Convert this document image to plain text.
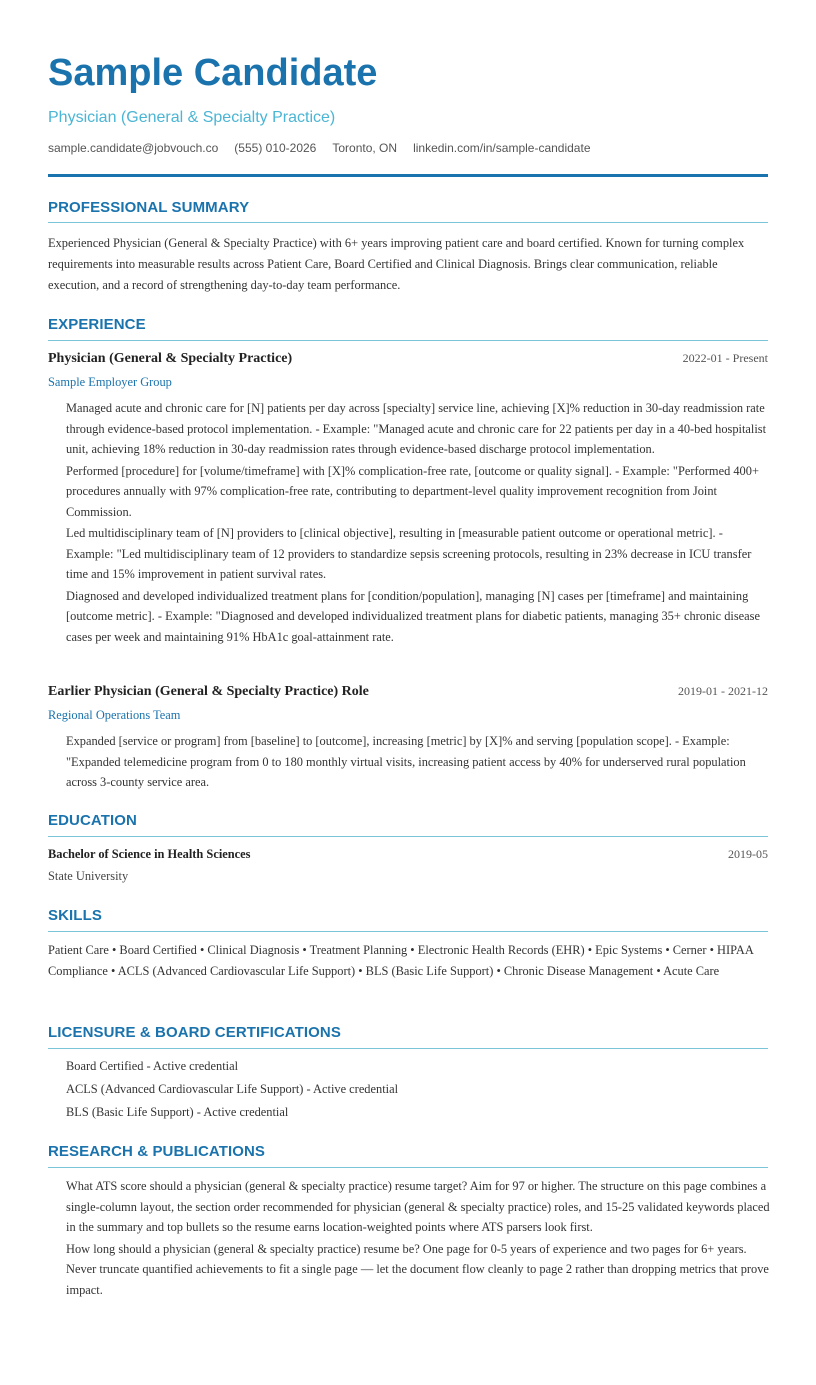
Sample Candidate
Physician (General & Specialty Practice)
sample.candidate@jobvouch.co (555) 010-2026 Toronto, ON linkedin.com/in/sample-candidate
PROFESSIONAL SUMMARY
Experienced Physician (General & Specialty Practice) with 6+ years improving patient care and board certified. Known for turning complex requirements into measurable results across Patient Care, Board Certified and Clinical Diagnosis. Brings clear communication, reliable execution, and a record of strengthening day-to-day team performance.
EXPERIENCE
Physician (General & Specialty Practice)	2022-01 - Present
Sample Employer Group
Managed acute and chronic care for [N] patients per day across [specialty] service line, achieving [X]% reduction in 30-day readmission rate through evidence-based protocol implementation. - Example: "Managed acute and chronic care for 22 patients per day in a 40-bed hospitalist unit, achieving 18% reduction in 30-day readmission rates through evidence-based discharge protocol implementation.
Performed [procedure] for [volume/timeframe] with [X]% complication-free rate, [outcome or quality signal]. - Example: "Performed 400+ procedures annually with 97% complication-free rate, contributing to department-level quality improvement recognition from Joint Commission.
Led multidisciplinary team of [N] providers to [clinical objective], resulting in [measurable patient outcome or operational metric]. - Example: "Led multidisciplinary team of 12 providers to standardize sepsis screening protocols, resulting in 23% decrease in ICU transfer time and 15% improvement in patient survival rates.
Diagnosed and developed individualized treatment plans for [condition/population], managing [N] cases per [timeframe] and maintaining [outcome metric]. - Example: "Diagnosed and developed individualized treatment plans for diabetic patients, managing 35+ chronic disease cases per week and maintaining 91% HbA1c goal-attainment rate.
Earlier Physician (General & Specialty Practice) Role	2019-01 - 2021-12
Regional Operations Team
Expanded [service or program] from [baseline] to [outcome], increasing [metric] by [X]% and serving [population scope]. - Example: "Expanded telemedicine program from 0 to 180 monthly virtual visits, increasing patient access by 40% for underserved rural population across 3-county service area.
EDUCATION
Bachelor of Science in Health Sciences	2019-05
State University
SKILLS
Patient Care • Board Certified • Clinical Diagnosis • Treatment Planning • Electronic Health Records (EHR) • Epic Systems • Cerner • HIPAA Compliance • ACLS (Advanced Cardiovascular Life Support) • BLS (Basic Life Support) • Chronic Disease Management • Acute Care
LICENSURE & BOARD CERTIFICATIONS
Board Certified - Active credential
ACLS (Advanced Cardiovascular Life Support) - Active credential
BLS (Basic Life Support) - Active credential
RESEARCH & PUBLICATIONS
What ATS score should a physician (general & specialty practice) resume target? Aim for 97 or higher. The structure on this page combines a single-column layout, the section order recommended for physician (general & specialty practice) roles, and 15-25 validated keywords placed in the summary and top bullets so the resume earns location-weighted points where ATS parsers look first.
How long should a physician (general & specialty practice) resume be? One page for 0-5 years of experience and two pages for 6+ years. Never truncate quantified achievements to fit a single page — let the document flow cleanly to page 2 rather than dropping metrics that prove impact.
